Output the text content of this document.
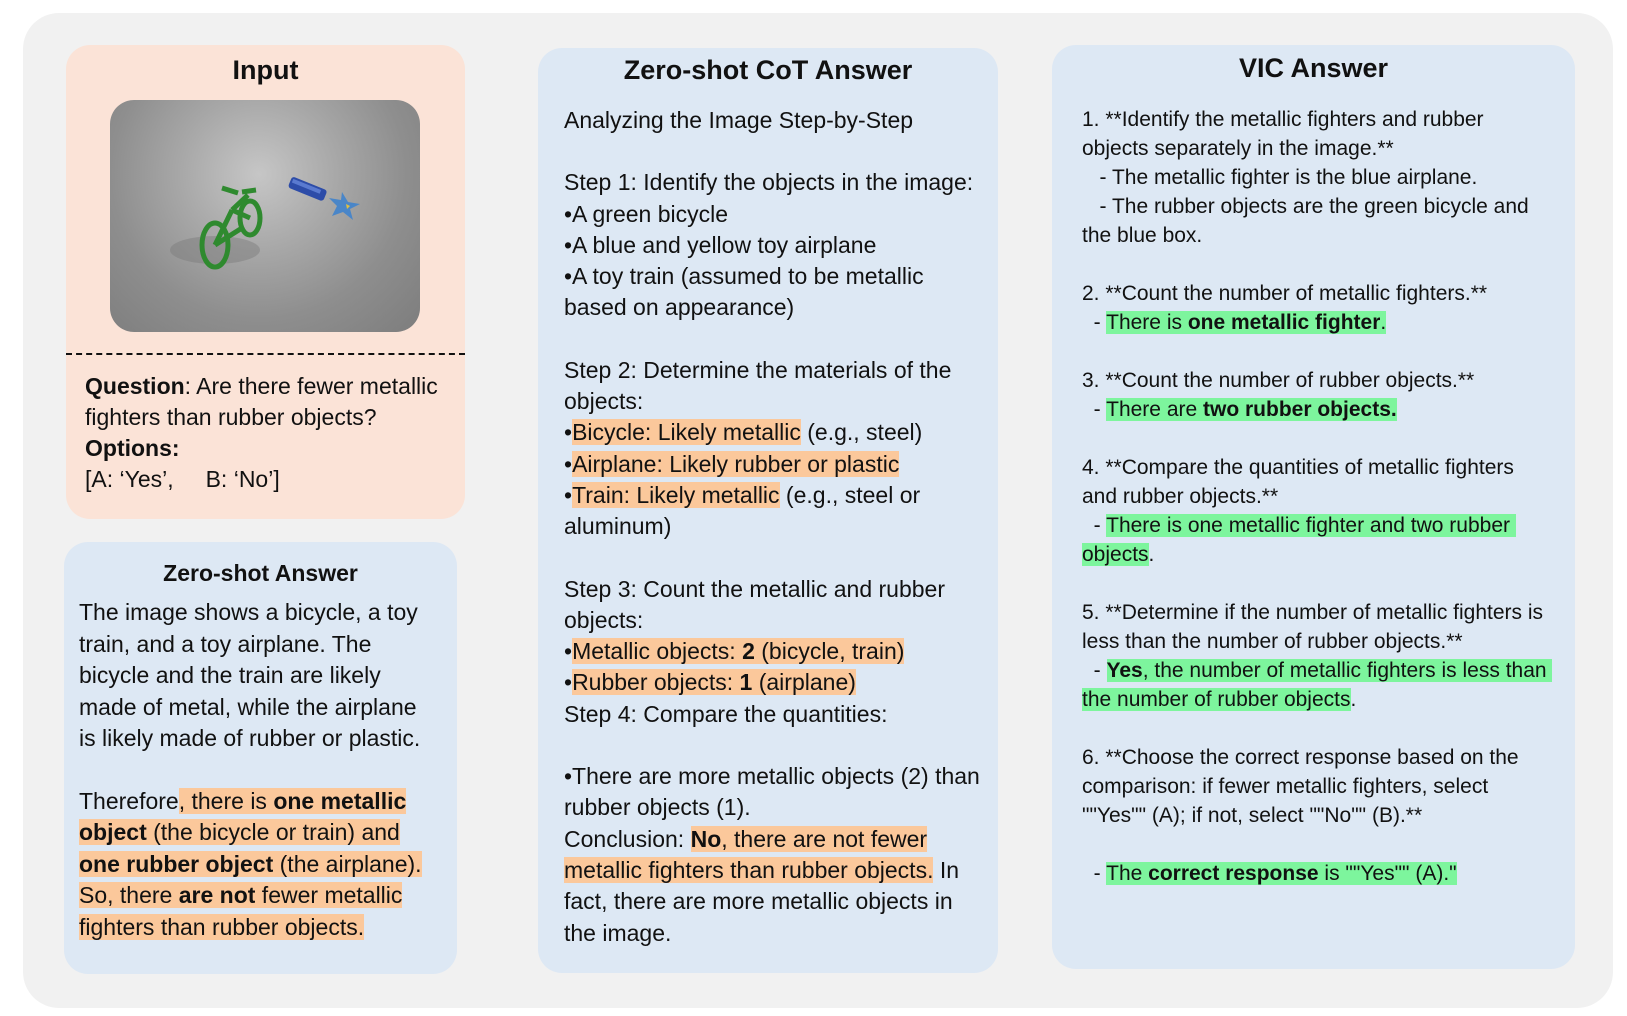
Input
Question: Are there fewer metallic fighters than rubber objects?
Options:
[A: ‘Yes’,     B: ‘No’]
Zero-shot Answer
The image shows a bicycle, a toy train, and a toy airplane. The bicycle and the train are likely made of metal, while the airplane is likely made of rubber or plastic.
Therefore, there is one metallic object (the bicycle or train) and one rubber object (the airplane). So, there are not fewer metallic fighters than rubber objects.
Zero-shot CoT Answer
Analyzing the Image Step-by-Step
Step 1: Identify the objects in the image:
•A green bicycle
•A blue and yellow toy airplane
•A toy train (assumed to be metallic based on appearance)
Step 2: Determine the materials of the objects:
•Bicycle: Likely metallic (e.g., steel)
•Airplane: Likely rubber or plastic
•Train: Likely metallic (e.g., steel or aluminum)
Step 3: Count the metallic and rubber objects:
•Metallic objects: 2 (bicycle, train)
•Rubber objects: 1 (airplane)
Step 4: Compare the quantities:
•There are more metallic objects (2) than rubber objects (1).
Conclusion: No, there are not fewer metallic fighters than rubber objects. In fact, there are more metallic objects in the image.
VIC Answer
1. **Identify the metallic fighters and rubber objects separately in the image.**
- The metallic fighter is the blue airplane.
- The rubber objects are the green bicycle and the blue box.
2. **Count the number of metallic fighters.**
- There is one metallic fighter.
3. **Count the number of rubber objects.**
- There are two rubber objects.
4. **Compare the quantities of metallic fighters and rubber objects.**
- There is one metallic fighter and two rubber objects.
5. **Determine if the number of metallic fighters is less than the number of rubber objects.**
- Yes, the number of metallic fighters is less than the number of rubber objects.
6. **Choose the correct response based on the comparison: if fewer metallic fighters, select ""Yes"" (A); if not, select ""No"" (B).**
- The correct response is ""Yes"" (A)."
